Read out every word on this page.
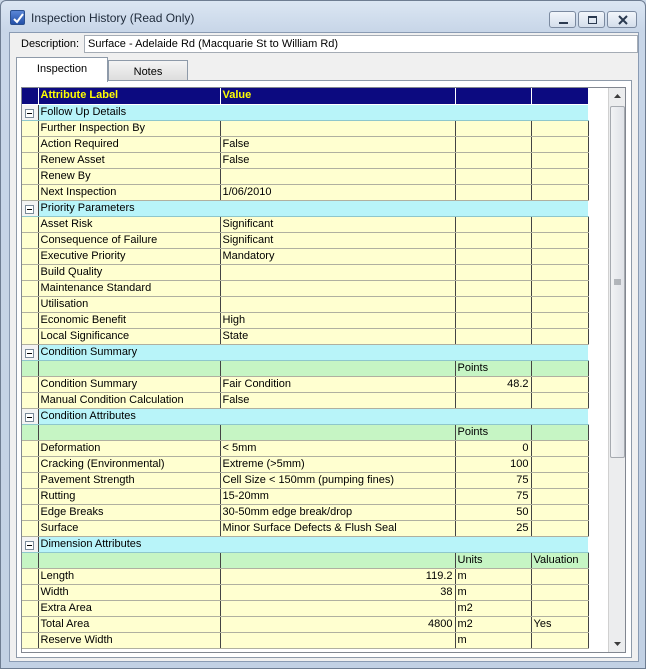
Inspection History (Read Only)
Description: Surface - Adelaide Rd (Macquarie St to William Rd)
Inspection	Notes
	Attribute Label	Value		

	Follow Up Details			
	Further Inspection By			
	Action Required	False		
	Renew Asset	False		
	Renew By			
	Next Inspection	1/06/2010		

	Priority Parameters			
	Asset Risk	Significant		
	Consequence of Failure	Significant		
	Executive Priority	Mandatory		
	Build Quality			
	Maintenance Standard			
	Utilisation			
	Economic Benefit	High		
	Local Significance	State		

	Condition Summary			
			Points	
	Condition Summary	Fair Condition	48.2	
	Manual Condition Calculation	False		

	Condition Attributes			
			Points	
	Deformation	< 5mm	0	
	Cracking (Environmental)	Extreme (>5mm)	100	
	Pavement Strength	Cell Size < 150mm (pumping fines)	75	
	Rutting	15-20mm	75	
	Edge Breaks	30-50mm edge break/drop	50	
	Surface	Minor Surface Defects & Flush Seal	25	

	Dimension Attributes			
			Units	Valuation
	Length	119.2	m	
	Width	38	m	
	Extra Area		m2	
	Total Area	4800	m2	Yes
	Reserve Width		m	
